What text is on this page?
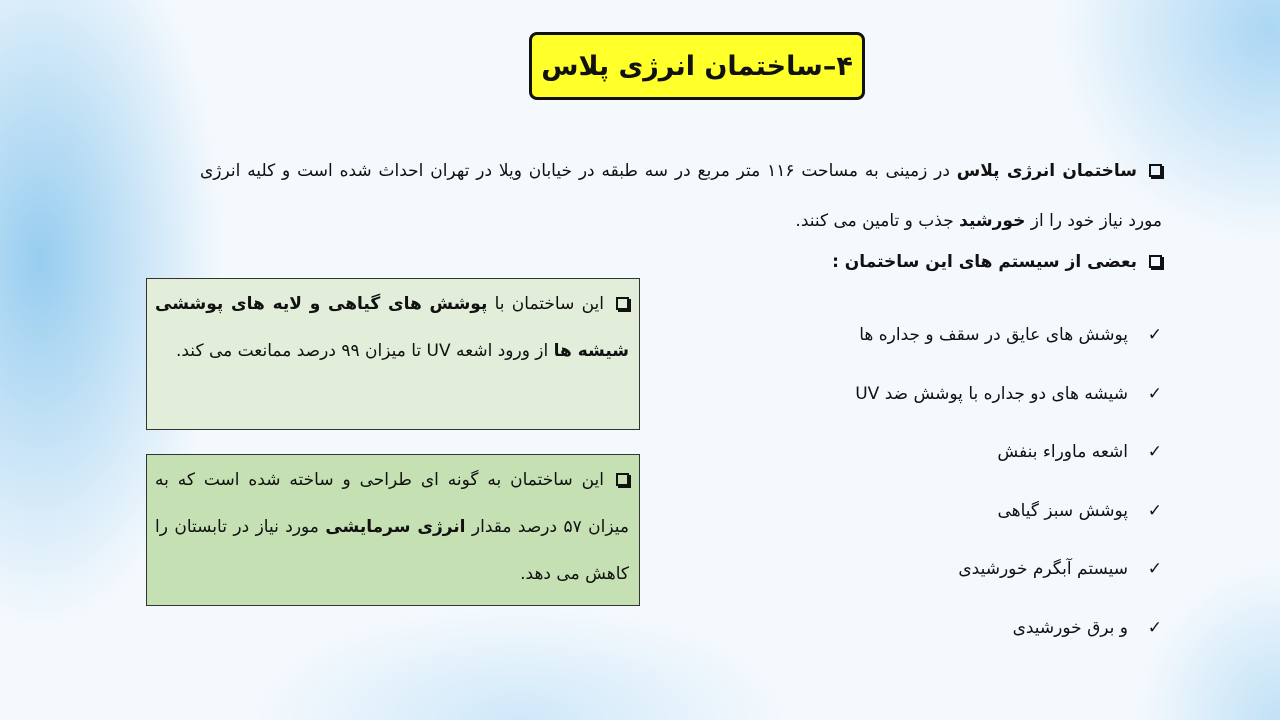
۴–ساختمان انرژی پلاس
ساختمان انرژی پلاس در زمینی به مساحت ۱۱۶ متر مربع در سه طبقه در خیابان ویلا در تهران احداث شده است و کلیه انرژی مورد نیاز خود را از خورشید جذب و تامین می کنند.
بعضی از سیستم های این ساختمان :
✓
پوشش های عایق در سقف و جداره ها
✓
شیشه های دو جداره با پوشش ضد UV
✓
اشعه ماوراء بنفش
✓
پوشش سبز گیاهی
✓
سیستم آبگرم خورشیدی
✓
و برق خورشیدی
این ساختمان با پوشش های گیاهی و لایه های پوششی شیشه ها از ورود اشعه UV تا میزان ۹۹ درصد ممانعت می کند.
این ساختمان به گونه ای طراحی و ساخته شده است که به میزان ۵۷ درصد مقدار انرژی سرمایشی مورد نیاز در تابستان را کاهش می دهد.
